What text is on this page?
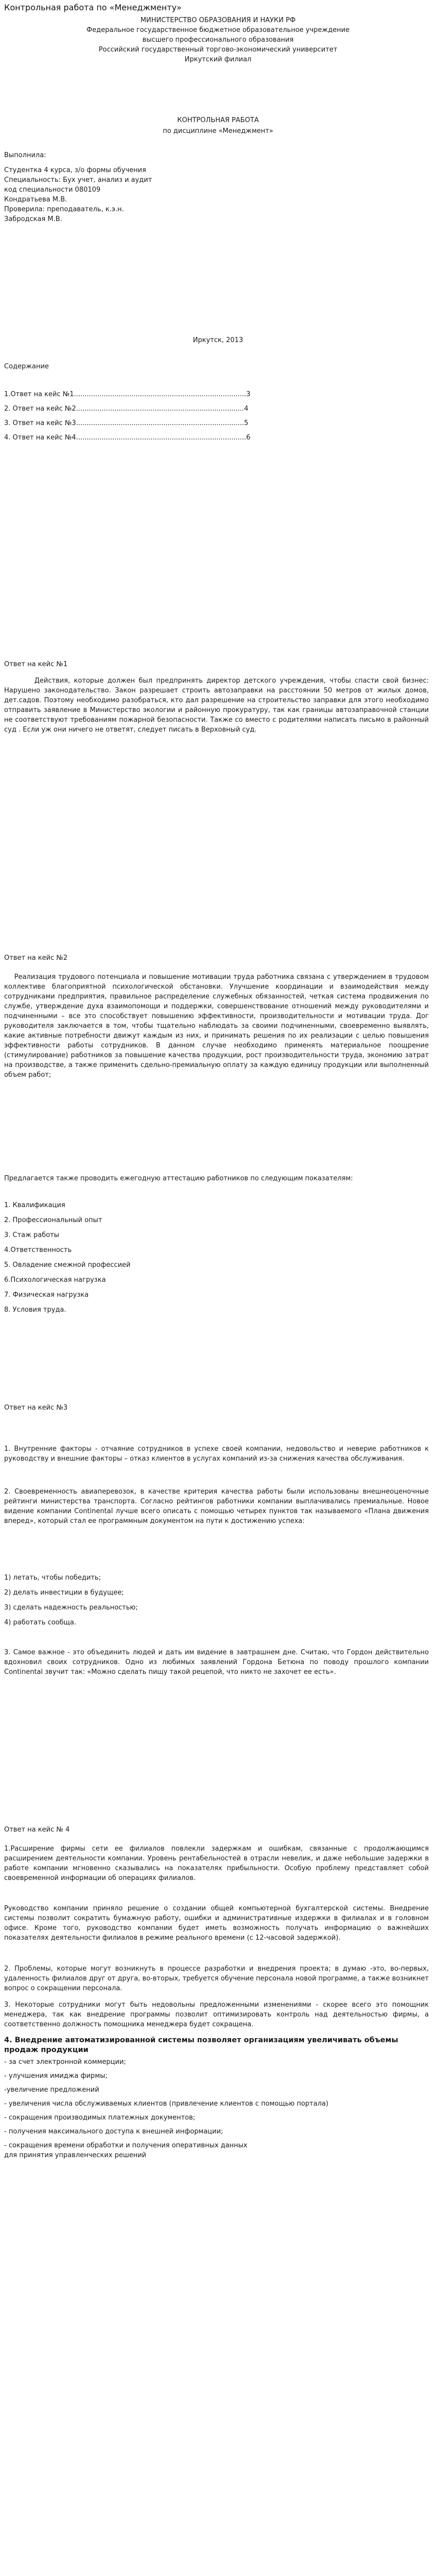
Контрольная работа по «Менеджменту»

МИНИСТЕРСТВО ОБРАЗОВАНИЯ И НАУКИ РФ

Федеральное государственное бюджетное образовательное учреждение

высшего профессионального образования

Российский государственный торгово-экономический университет

Иркутский филиал

КОНТРОЛЬНАЯ РАБОТА
по дисциплине «Менеджмент»

Выполнила:

Студентка 4 курса, з/о формы обучения

Специальность: Бух учет, анализ и аудит

код специальности 080109

Кондратьева М.В.

Проверила: преподаватель, к.э.н.

Забродская М.В.

Иркутск, 2013
Содержание
1.Ответ на кейс №1.................................................................................3
2. Ответ на кейс №2...............................................................................4
3. Ответ на кейс №3...............................................................................5
4. Ответ на кейс №4................................................................................6
Ответ на кейс №1

Действия, которые должен был предпринять директор детского учреждения, чтобы спасти свой бизнес: Нарушено законодательство. Закон разрешает строить автозаправки на расстоянии 50 метров от жилых домов, дет.садов. Поэтому необходимо разобраться, кто дал разрешение на строительство заправки для этого необходимо отправить заявление в Министерство экологии и районную прокуратуру, так как границы автозаправочной станции не соответствуют требованиям пожарной безопасности. Также со вместо с родителями написать письмо в районный суд . Если уж они ничего не ответят, следует писать в Верховный суд.

Ответ на кейс №2

Реализация трудового потенциала и повышение мотивации труда работника связана с утверждением в трудовом коллективе благоприятной психологической обстановки. Улучшение координации и взаимодействия между сотрудниками предприятия, правильное распределение служебных обязанностей, четкая система продвижения по службе, утверждение духа взаимопомощи и поддержки, совершенствование отношений между руководителями и подчиненными – все это способствует повышению эффективности, производительности и мотивации труда. Дог руководителя заключается в том, чтобы тщательно наблюдать за своими подчиненными, своевременно выявлять, какие активные потребности движут каждым из них, и принимать решения по их реализации с целью повышения эффективности работы сотрудников. В данном случае необходимо применять материальное поощрение (стимулирование) работников за повышение качества продукции, рост производительности труда, экономию затрат на производстве, а также применить сдельно-премиальную оплату за каждую единицу продукции или выполненный объем работ;

Предлагается также проводить ежегодную аттестацию работников по следующим показателям:

1. Квалификация
2. Профессиональный опыт
3. Стаж работы
4.Ответственность
5. Овладение смежной профессией
6.Психологическая нагрузка
7. Физическая нагрузка
8. Условия труда.
Ответ на кейс №3

1. Внутренние факторы - отчаяние сотрудников в успехе своей компании, недовольство и неверие работников к руководству и внешние факторы – отказ клиентов в услугах компаний из-за снижения качества обслуживания.

2. Своевременность авиаперевозок, в качестве критерия качества работы были использованы внешнеоценочные рейтинги министерства транспорта. Согласно рейтингов работники компании выплачивались премиальные. Новое видение компании Continental лучше всего описать с помощью четырех пунктов так называемого «Плана движения вперед», который стал ее программным документом на пути к достижению успеха:

1) летать, чтобы победить;
2) делать инвестиции в будущее;
3) сделать надежность реальностью;
4) работать сообща.

3. Самое важное - это объединить людей и дать им видение в завтрашнем дне. Считаю, что Гордон действительно вдохновил своих сотрудников. Одно из любимых заявлений Гордона Бетюна по поводу прошлого компании Continental звучит так: «Можно сделать пищу такой рецепой, что никто не захочет ее есть».

Ответ на кейс № 4

1.Расширение фирмы сети ее филиалов повлекли задержкам и ошибкам, связанные с продолжающимся расширением деятельности компании. Уровень рентабельностей в отрасли невелик, и даже небольшие задержки в работе компании мгновенно сказывались на показателях прибыльности. Особую проблему представляет собой своевременной информации об операциях филиалов.

Руководство компании приняло решение о создании общей компьютерной бухгалтерской системы. Внедрение системы позволит сократить бумажную работу, ошибки и административные издержки в филиалах и в головном офисе. Кроме того, руководство компании будет иметь возможность получать информацию о важнейших показателях деятельности филиалов в режиме реального времени (с 12-часовой задержкой).

2. Проблемы, которые могут возникнуть в процессе разработки и внедрения проекта; в думаю -это, во-первых, удаленность филиалов друг от друга, во-вторых, требуется обучение персонала новой программе, а также возникнет вопрос о сокращении персонала.

3. Некоторые сотрудники могут быть недовольны предложенными изменениями - скорее всего это помощник менеджера, так как внедрение программы позволит оптимизировать контроль над деятельностью фирмы, а соответственно должность помощника менеджера будет сокращена.

4. Внедрение автоматизированной системы позволяет организациям увеличивать объемы продаж продукции

- за счет электронной коммерции;
- улучшения имиджа фирмы;
-увеличение предложений
- увеличения числа обслуживаемых клиентов (привлечение клиентов с помощью портала)
- сокращения производимых платежных документов;
- получения максимального доступа к внешней информации;
- сокращения времени обработки и получения оперативных данных
для принятия управленческих решений
